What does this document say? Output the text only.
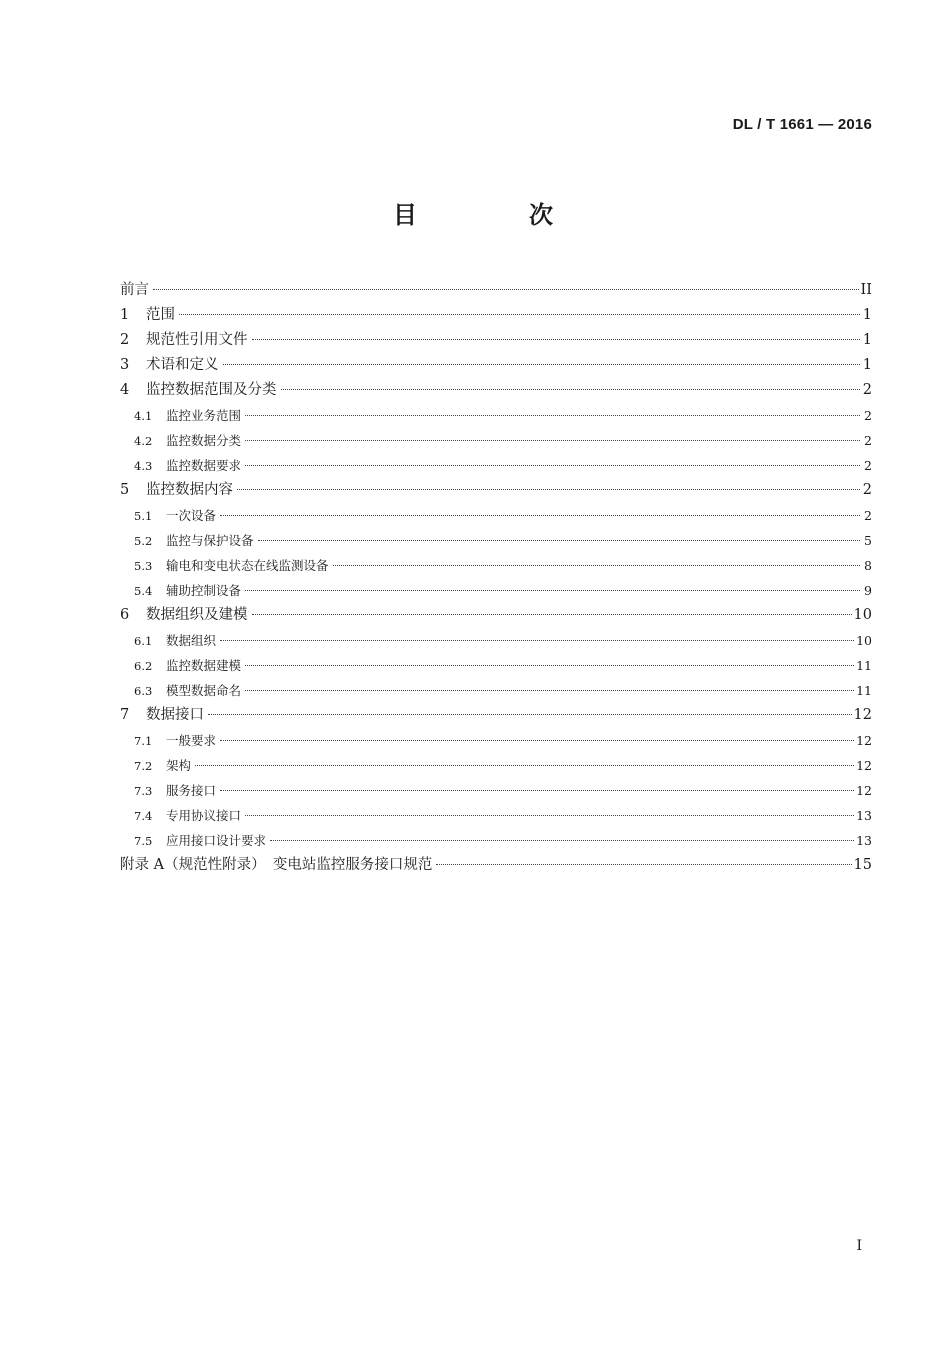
DL / T 1661 — 2016
目　次
前言	II
1	范围	1
2	规范性引用文件	1
3	术语和定义	1
4	监控数据范围及分类	2
4.1	监控业务范围	2
4.2	监控数据分类	2
4.3	监控数据要求	2
5	监控数据内容	2
5.1	一次设备	2
5.2	监控与保护设备	5
5.3	输电和变电状态在线监测设备	8
5.4	辅助控制设备	9
6	数据组织及建模	10
6.1	数据组织	10
6.2	监控数据建模	11
6.3	模型数据命名	11
7	数据接口	12
7.1	一般要求	12
7.2	架构	12
7.3	服务接口	12
7.4	专用协议接口	13
7.5	应用接口设计要求	13
附录 A（规范性附录）　变电站监控服务接口规范	15
I
